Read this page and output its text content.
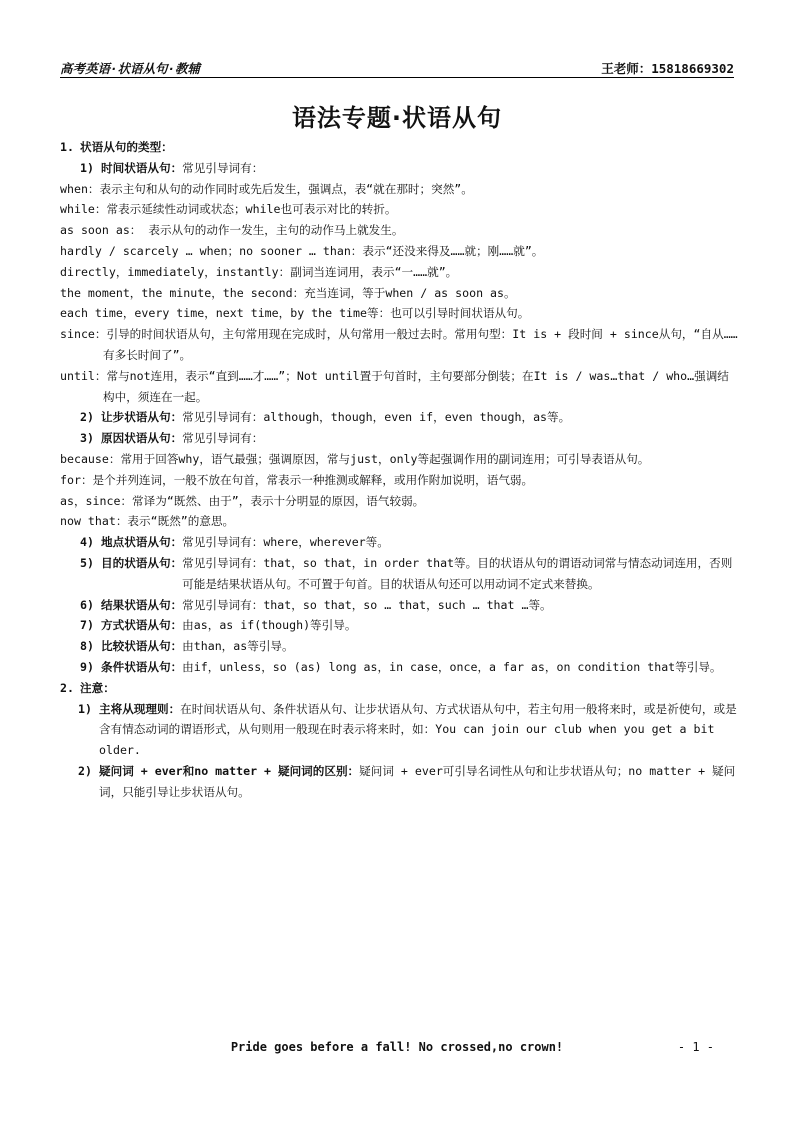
高考英语·状语从句·教辅	王老师：15818669302
语法专题·状语从句
1. 状语从句的类型：
1) 时间状语从句： 常见引导词有：
when：表示主句和从句的动作同时或先后发生，强调点，表“就在那时；突然”。
while：常表示延续性动词或状态；while也可表示对比的转折。
as soon as： 表示从句的动作一发生，主句的动作马上就发生。
hardly / scarcely … when；no sooner … than：表示“还没来得及……就；刚……就”。
directly，immediately，instantly：副词当连词用，表示“一……就”。
the moment，the minute，the second：充当连词，等于when / as soon as。
each time，every time，next time，by the time等：也可以引导时间状语从句。
since：引导的时间状语从句，主句常用现在完成时，从句常用一般过去时。常用句型：It is + 段时间 + since从句，“自从……有多长时间了”。
until：常与not连用，表示“直到……才……”；Not until置于句首时，主句要部分倒装；在It is / was…that / who…强调结构中，须连在一起。
2) 让步状语从句： 常见引导词有：although，though，even if，even though，as等。
3) 原因状语从句： 常见引导词有：
because：常用于回答why，语气最强；强调原因，常与just，only等起强调作用的副词连用；可引导表语从句。
for：是个并列连词，一般不放在句首，常表示一种推测或解释，或用作附加说明，语气弱。
as，since：常译为“既然、由于”，表示十分明显的原因，语气较弱。
now that：表示“既然”的意思。
4) 地点状语从句： 常见引导词有：where，wherever等。
5) 目的状语从句： 常见引导词有：that，so that，in order that等。目的状语从句的谓语动词常与情态动词连用，否则可能是结果状语从句。不可置于句首。目的状语从句还可以用动词不定式来替换。
6) 结果状语从句： 常见引导词有：that，so that，so … that，such … that …等。
7) 方式状语从句： 由as，as if(though)等引导。
8) 比较状语从句： 由than，as等引导。
9) 条件状语从句： 由if，unless，so (as) long as，in case，once，a far as，on condition that等引导。
2. 注意：
1) 主将从现理则：在时间状语从句、条件状语从句、让步状语从句、方式状语从句中，若主句用一般将来时，或是祈使句，或是含有情态动词的谓语形式，从句则用一般现在时表示将来时，如：You can join our club when you get a bit older.
2) 疑问词 + ever和no matter + 疑问词的区别：疑问词 + ever可引导名词性从句和让步状语从句；no matter + 疑问词，只能引导让步状语从句。
Pride goes before a fall! No crossed,no crown!	- 1 -
